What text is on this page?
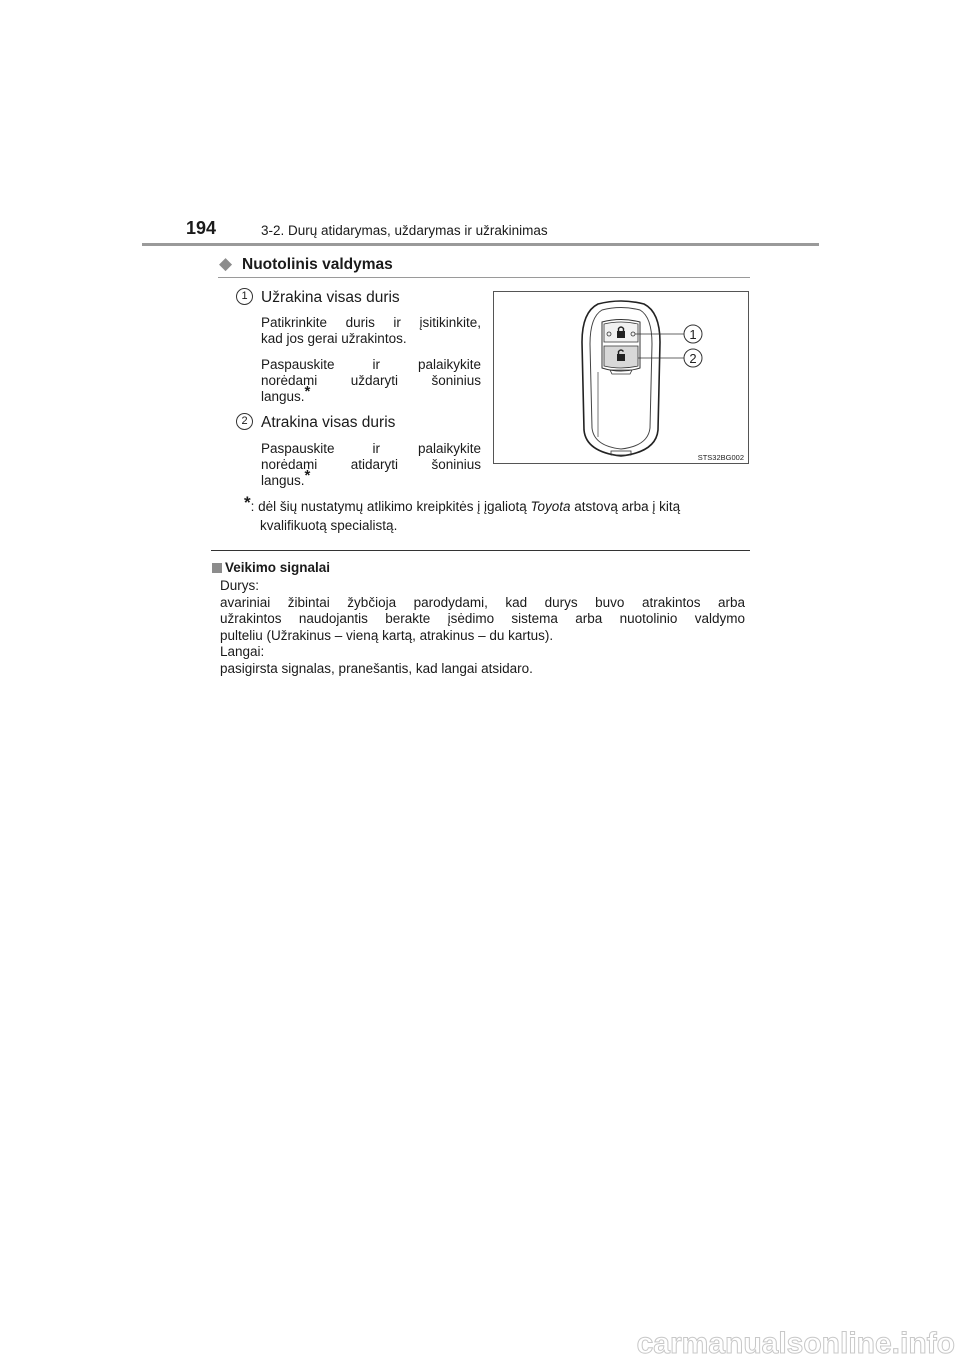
194	3-2. Durų atidarymas, uždarymas ir užrakinimas
◆ Nuotolinis valdymas
1 Užrakina visas duris
Patikrinkite duris ir įsitikinkite,
kad jos gerai užrakintos.
Paspauskite ir palaikykite
norėdami uždaryti šoninius
langus.*
2 Atrakina visas duris
Paspauskite ir palaikykite
norėdami atidaryti šoninius
langus.*
1
2
STS32BG002
*: dėl šių nustatymų atlikimo kreipkitės į įgaliotą Toyota atstovą arba į kitą
kvalifikuotą specialistą.
Veikimo signalai
Durys:
avariniai žibintai žybčioja parodydami, kad durys buvo atrakintos arba
užrakintos naudojantis berakte įsėdimo sistema arba nuotolinio valdymo
pulteliu (Užrakinus – vieną kartą, atrakinus – du kartus).
Langai:
pasigirsta signalas, pranešantis, kad langai atsidaro.
carmanualsonline.info
